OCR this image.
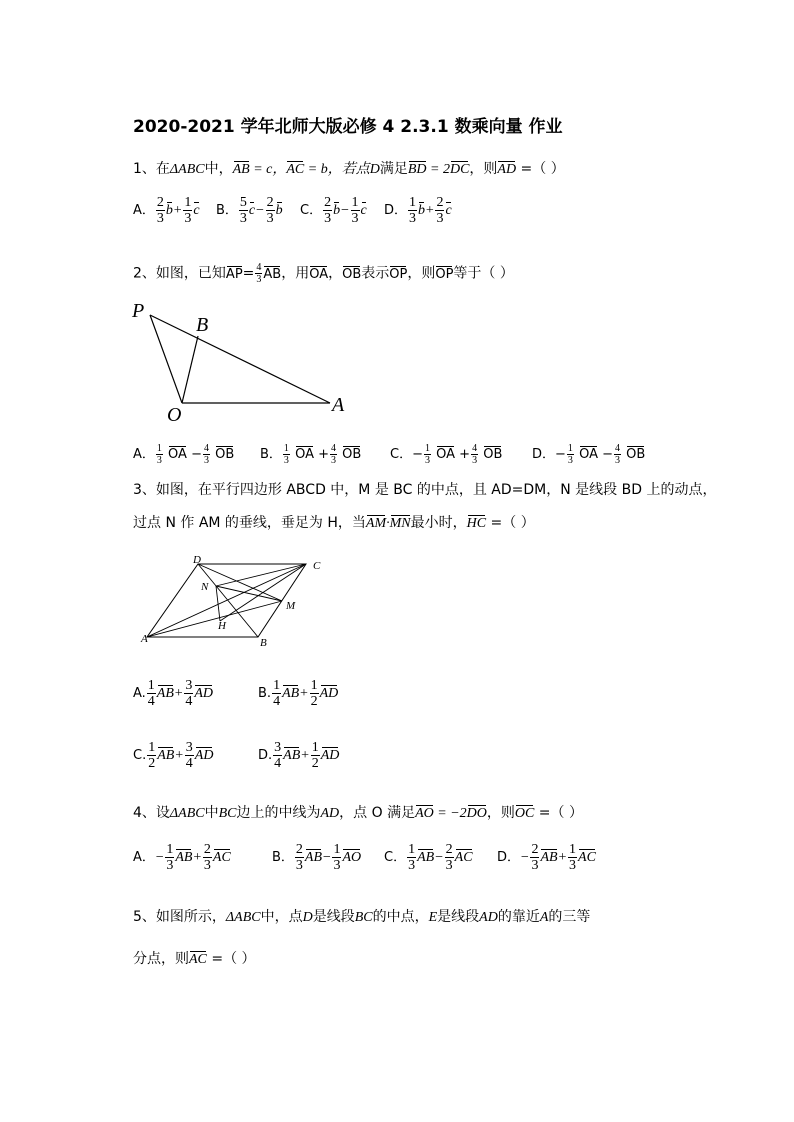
2020-2021 学年北师大版必修 4 2.3.1 数乘向量 作业
1、在ΔABC中，AB = c，AC = b，若点D满足BD = 2DC，则AD =（ ）
A． $\frac{2}{3} b+ \frac{1}{3}$ c B． $\frac{5}{3} c- \frac{2}{3}$ b C． $\frac{2}{3} b- \frac{1}{3}$ c D． $\frac{1}{3} b+ \frac{2}{3}$ c
2、如图，已知$AP= \frac{4}{3}$ AB，用OA，OB表示OP，则OP等于（ ）
P
B
O	A
A． $\frac{1}{3}$ OA − $\frac{4}{3}$ OB B． $\frac{1}{3}$ OA + $\frac{4}{3}$ OB C．− $\frac{1}{3}$ OA + $\frac{4}{3}$ OB D．− $\frac{1}{3}$ OA − $\frac{4}{3}$ OB
3、如图，在平行四边形 ABCD 中，M 是 BC 的中点，且 AD=DM，N 是线段 BD 上的动点，
过点 N 作 AM 的垂线，垂足为 H，当AM·MN最小时，HC =（ ）
D	C
N
M
H
A	B
A. $\frac{1}{4} AB+ \frac{3}{4}$ AD	B. $\frac{1}{4} AB+ \frac{1}{2}$ AD
C. $\frac{1}{2} AB+ \frac{3}{4}$ AD	D. $\frac{3}{4} AB+ \frac{1}{2}$ AD
4、设ΔABC中BC边上的中线为AD，点 O 满足AO = −2DO，则OC =（ ）
A．− $\frac{1}{3} AB+ \frac{2}{3}$ AC	B． $\frac{2}{3} AB- \frac{1}{3}$ AO C． $\frac{1}{3} AB- \frac{2}{3}$ AC D．− $\frac{2}{3} AB+ \frac{1}{3}$ AC
5、如图所示，ΔABC中，点D是线段BC的中点，E是线段AD的靠近A的三等
分点，则AC =（ ）
